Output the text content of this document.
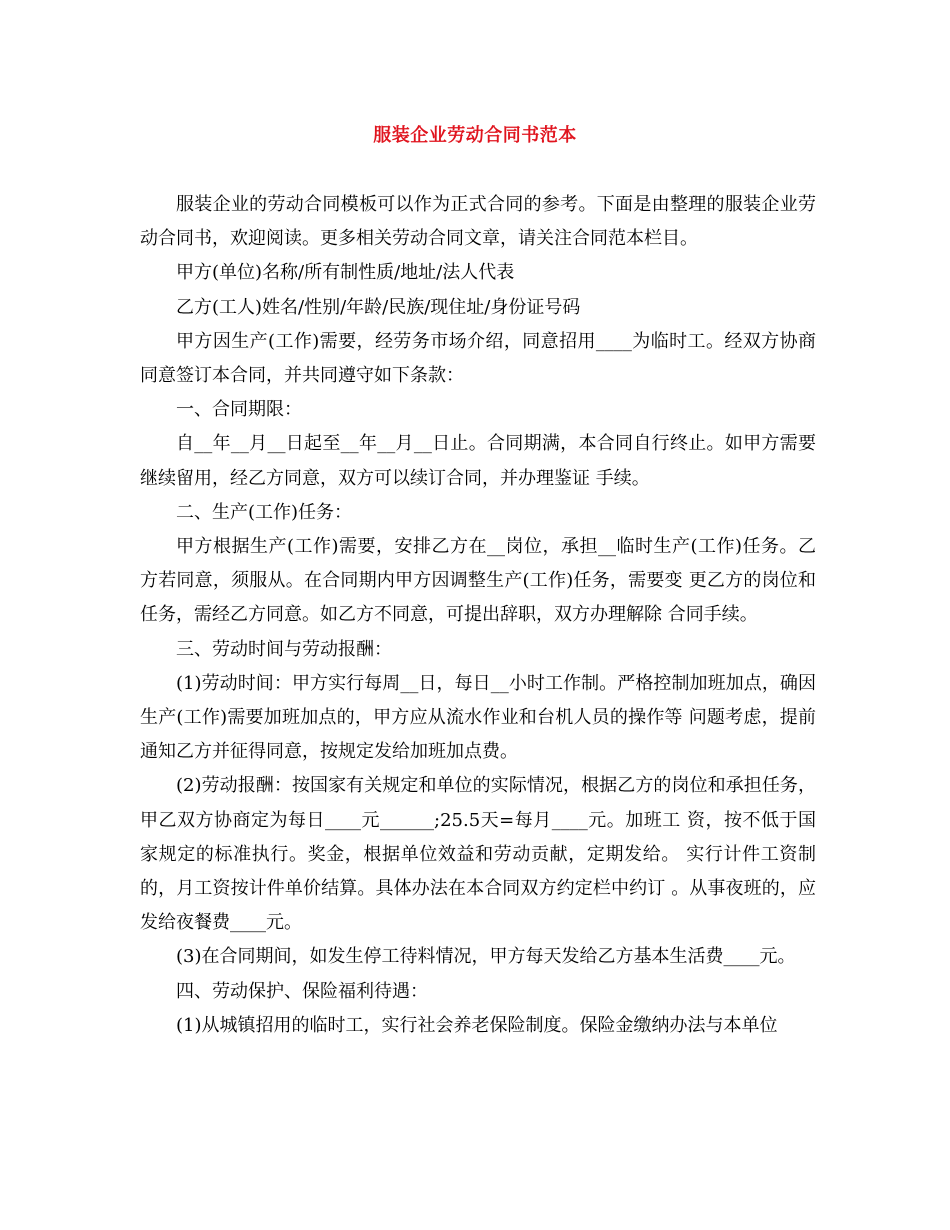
服装企业劳动合同书范本

服装企业的劳动合同模板可以作为正式合同的参考。下面是由整理的服装企业劳动合同书，欢迎阅读。更多相关劳动合同文章，请关注合同范本栏目。

甲方(单位)名称/所有制性质/地址/法人代表

乙方(工人)姓名/性别/年龄/民族/现住址/身份证号码

甲方因生产(工作)需要，经劳务市场介绍，同意招用____为临时工。经双方协商同意签订本合同，并共同遵守如下条款：

一、合同期限：

自__年__月__日起至__年__月__日止。合同期满，本合同自行终止。如甲方需要继续留用，经乙方同意，双方可以续订合同，并办理鉴证 手续。

二、生产(工作)任务：

甲方根据生产(工作)需要，安排乙方在__岗位，承担__临时生产(工作)任务。乙方若同意，须服从。在合同期内甲方因调整生产(工作)任务，需要变 更乙方的岗位和任务，需经乙方同意。如乙方不同意，可提出辞职，双方办理解除 合同手续。

三、劳动时间与劳动报酬：

(1)劳动时间：甲方实行每周__日，每日__小时工作制。严格控制加班加点，确因生产(工作)需要加班加点的，甲方应从流水作业和台机人员的操作等 问题考虑，提前通知乙方并征得同意，按规定发给加班加点费。

(2)劳动报酬：按国家有关规定和单位的实际情况，根据乙方的岗位和承担任务，甲乙双方协商定为每日____元______;25.5天=每月____元。加班工 资，按不低于国家规定的标准执行。奖金，根据单位效益和劳动贡献，定期发给。 实行计件工资制的，月工资按计件单价结算。具体办法在本合同双方约定栏中约订 。从事夜班的，应发给夜餐费____元。

(3)在合同期间，如发生停工待料情况，甲方每天发给乙方基本生活费____元。

四、劳动保护、保险福利待遇：

(1)从城镇招用的临时工，实行社会养老保险制度。保险金缴纳办法与本单位
